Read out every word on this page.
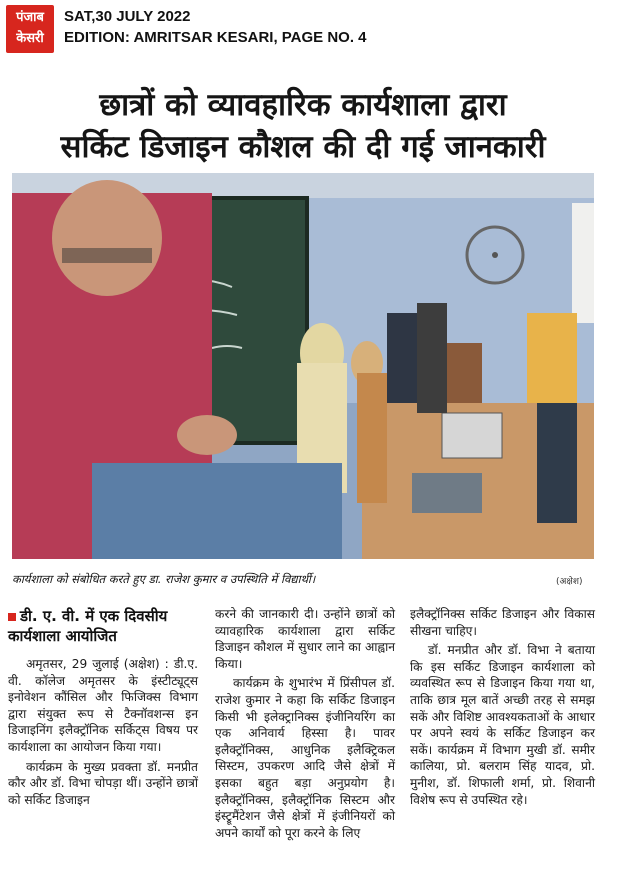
पंजाब
केसरी
SAT,30 JULY 2022
EDITION: AMRITSAR KESARI, PAGE NO. 4
छात्रों को व्यावहारिक कार्यशाला द्वारा
सर्किट डिजाइन कौशल की दी गई जानकारी
कार्यशाला को संबोधित करते हुए डा. राजेश कुमार व उपस्थिति में विद्यार्थी।	(अक्षेश)
डी. ए. वी. में एक दिवसीय
कार्यशाला आयोजित

अमृतसर, 29 जुलाई (अक्षेश) : डी.ए. वी. कॉलेज अमृतसर के इंस्टीट्यूट्स इनोवेशन कौंसिल और फिजिक्स विभाग द्वारा संयुक्त रूप से टैक्नॉवशन्स इन डिजाइनिंग इलैक्ट्रॉनिक सर्किट्स विषय पर कार्यशाला का आयोजन किया गया।

कार्यक्रम के मुख्य प्रवक्ता डॉ. मनप्रीत कौर और डॉ. विभा चोपड़ा थीं। उन्होंने छात्रों को सर्किट डिजाइन

करने की जानकारी दी। उन्होंने छात्रों को व्यावहारिक कार्यशाला द्वारा सर्किट डिजाइन कौशल में सुधार लाने का आह्वान किया।

कार्यक्रम के शुभारंभ में प्रिंसीपल डॉ. राजेश कुमार ने कहा कि सर्किट डिजाइन किसी भी इलेक्ट्रानिक्स इंजीनियरिंग का एक अनिवार्य हिस्सा है। पावर इलैक्ट्रॉनिक्स, आधुनिक इलैक्ट्रिकल सिस्टम, उपकरण आदि जैसे क्षेत्रों में इसका बहुत बड़ा अनुप्रयोग है। इलैक्ट्रॉनिक्स, इलैक्ट्रॉनिक सिस्टम और इंस्ट्रूमैंटेशन जैसे क्षेत्रों में इंजीनियरों को अपने कार्यों को पूरा करने के लिए

इलैक्ट्रॉनिक्स सर्किट डिजाइन और विकास सीखना चाहिए।

डॉ. मनप्रीत और डॉ. विभा ने बताया कि इस सर्किट डिजाइन कार्यशाला को व्यवस्थित रूप से डिजाइन किया गया था, ताकि छात्र मूल बातें अच्छी तरह से समझ सकें और विशिष्ट आवश्यकताओं के आधार पर अपने स्वयं के सर्किट डिजाइन कर सकें। कार्यक्रम में विभाग मुखी डॉ. समीर कालिया, प्रो. बलराम सिंह यादव, प्रो. मुनीश, डॉ. शिफाली शर्मा, प्रो. शिवानी विशेष रूप से उपस्थित रहे।
